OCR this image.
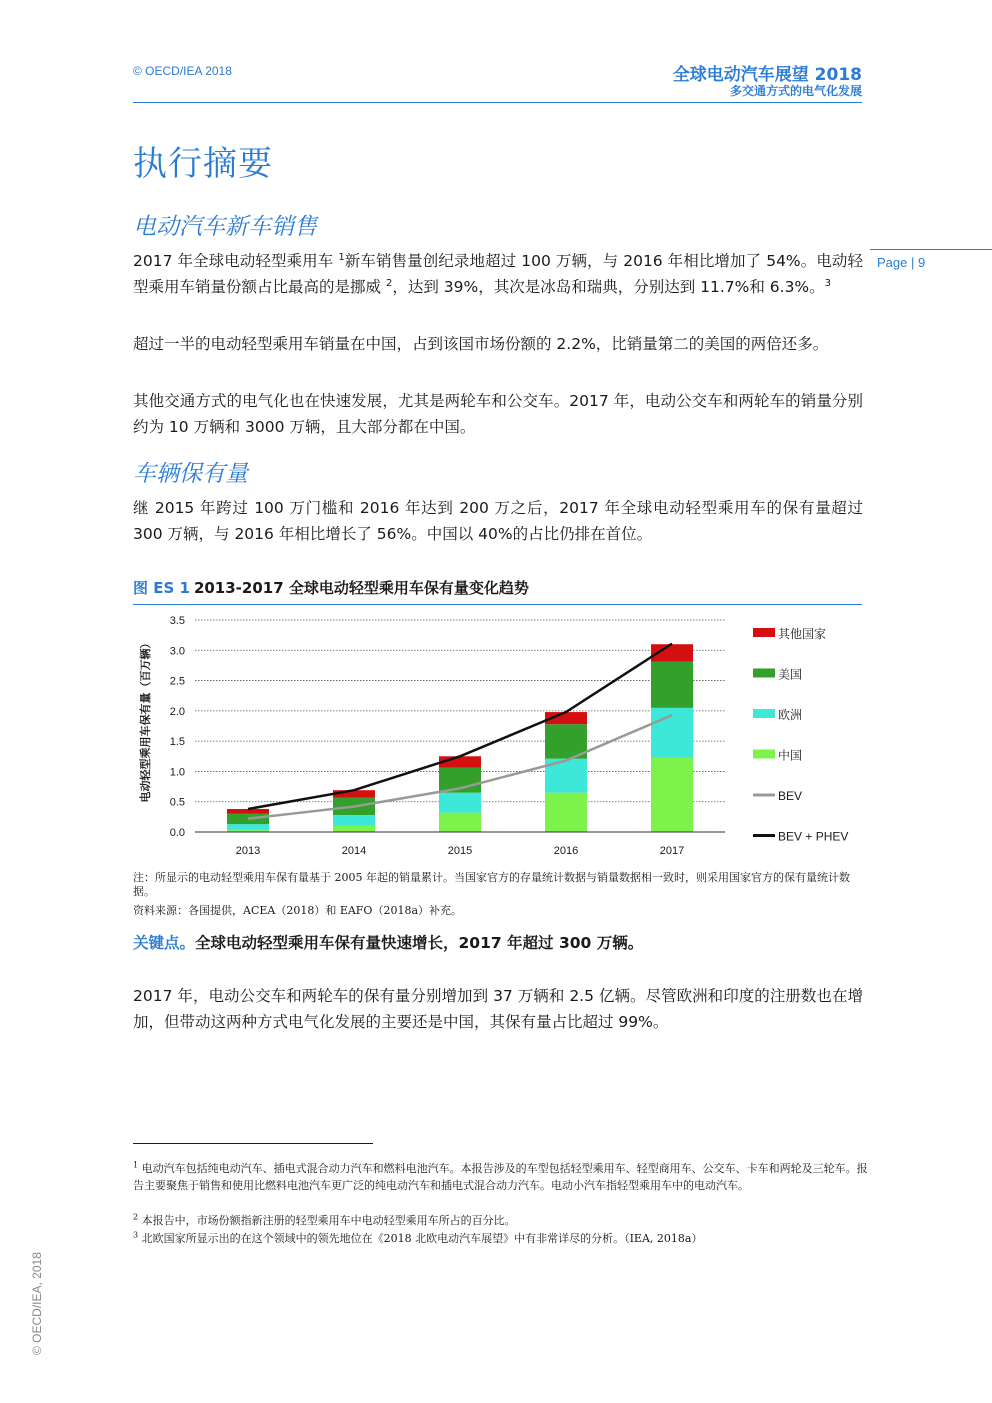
© OECD/IEA 2018	全球电动汽车展望 2018
多交通方式的电气化发展
Page | 9
执行摘要
电动汽车新车销售
2017 年全球电动轻型乘用车 $^1$新车销售量创纪录地超过 100 万辆，与 2016 年相比增加了 54%。电动轻型乘用车销量份额占比最高的是挪威 $^2$，达到 39%，其次是冰岛和瑞典，分别达到 11.7%和 6.3%。$^3$
超过一半的电动轻型乘用车销量在中国，占到该国市场份额的 2.2%，比销量第二的美国的两倍还多。
其他交通方式的电气化也在快速发展，尤其是两轮车和公交车。2017 年，电动公交车和两轮车的销量分别约为 10 万辆和 3000 万辆，且大部分都在中国。
车辆保有量
继 2015 年跨过 100 万门槛和 2016 年达到 200 万之后，2017 年全球电动轻型乘用车的保有量超过 300 万辆，与 2016 年相比增长了 56%。中国以 40%的占比仍排在首位。
图 ES 1 2013-2017 全球电动轻型乘用车保有量变化趋势
0.0
0.5
1.0
1.5
2.0
2.5
3.0
3.5
2013	2014	2015	2016	2017
其他国家
美国
欧洲
中国
BEV
BEV + PHEV
电动轻型乘用车保有量（百万辆）
注：所显示的电动轻型乘用车保有量基于 2005 年起的销量累计。当国家官方的存量统计数据与销量数据相一致时，则采用国家官方的保有量统计数据。
资料来源：各国提供，ACEA（2018）和 EAFO（2018a）补充。
关键点。全球电动轻型乘用车保有量快速增长，2017 年超过 300 万辆。
2017 年，电动公交车和两轮车的保有量分别增加到 37 万辆和 2.5 亿辆。尽管欧洲和印度的注册数也在增加，但带动这两种方式电气化发展的主要还是中国，其保有量占比超过 99%。
$^1$ 电动汽车包括纯电动汽车、插电式混合动力汽车和燃料电池汽车。本报告涉及的车型包括轻型乘用车、轻型商用车、公交车、卡车和两轮及三轮车。报告主要聚焦于销售和使用比燃料电池汽车更广泛的纯电动汽车和插电式混合动力汽车。电动小汽车指轻型乘用车中的电动汽车。
$^2$ 本报告中，市场份额指新注册的轻型乘用车中电动轻型乘用车所占的百分比。
$^3$ 北欧国家所显示出的在这个领域中的领先地位在《2018 北欧电动汽车展望》中有非常详尽的分析。（IEA, 2018a）
© OECD/IEA, 2018
